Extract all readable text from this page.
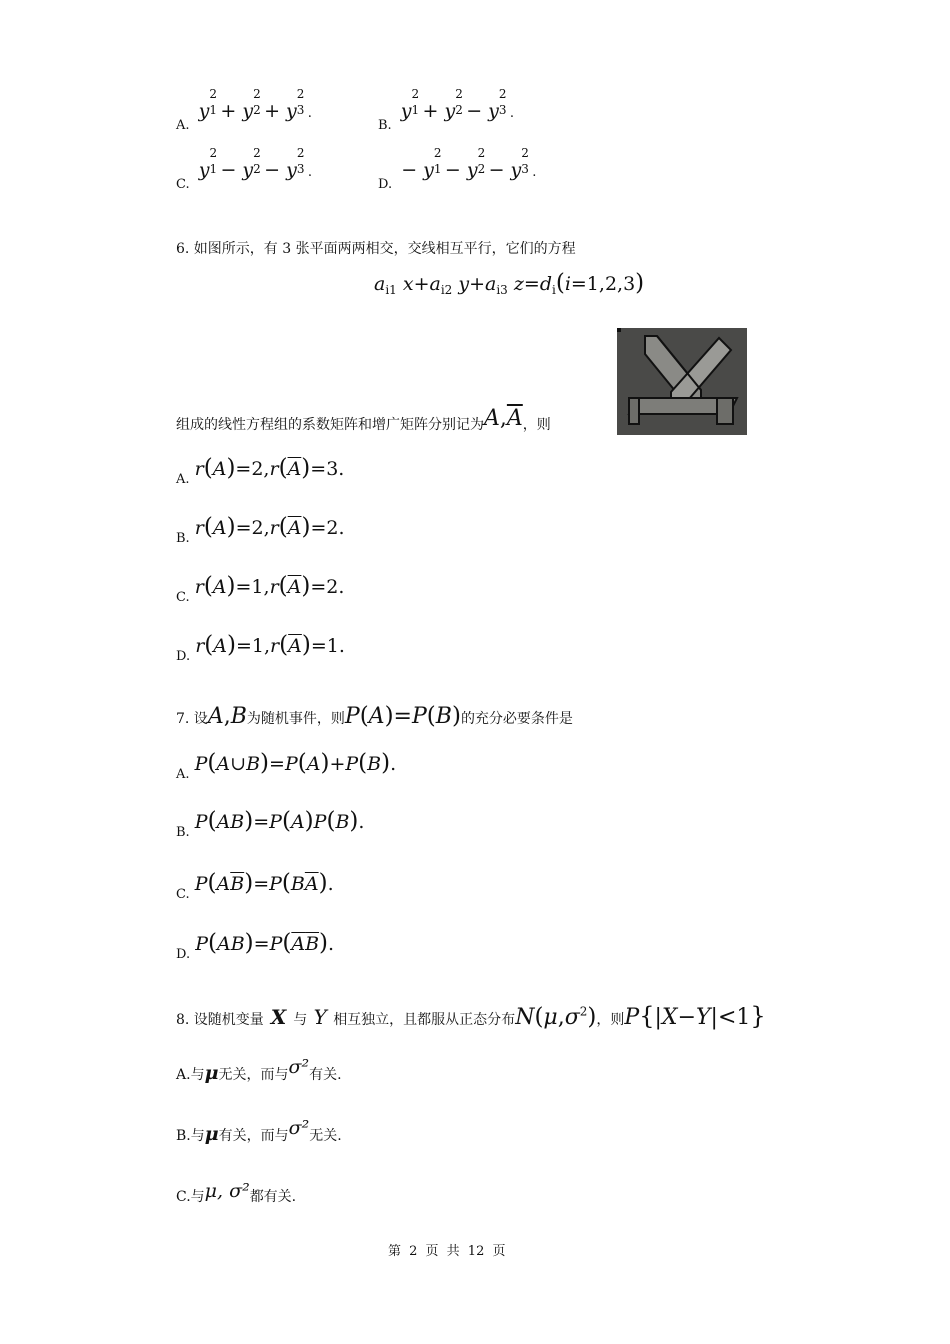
A. y
2
1 + y
2
2 + y
2
3 .
B. y
2
1 + y
2
2 − y
2
3 .
C. y
2
1 − y
2
2 − y
2
3 .
D. − y
2
1 − y
2
2 − y
2
3 .
6. 如图所示，有 3 张平面两两相交，交线相互平行，它们的方程
$a_{i1}$ $x+a_{i2}$ $y+a_{i3}$ $z=d_i(i=1,2,3)$
组成的线性方程组的系数矩阵和增广矩阵分别记为$A,\overline{A}$，则
A. $r(A)=2,r(\overline{A})=3$.
B. $r(A)=2,r(\overline{A})=2$.
C. $r(A)=1,r(\overline{A})=2$.
D. $r(A)=1,r(\overline{A})=1$.
7. 设A,B为随机事件，则P(A)=P(B)的充分必要条件是
A. P(A∪B)=P(A)+P(B).
B. P(AB)=P(A)P(B).
C. $P(A\overline{B})=P(B\overline{A})$.
D. $P(AB)=P(\overline{A}\overline{B})$.
8. 设随机变量 X 与 Y 相互独立，且都服从正态分布$N(\mu,\sigma^2)$，则P{|X−Y|<1}
A.与μ无关，而与σ²有关.
B.与μ有关，而与σ²无关.
C.与μ, σ²都有关.
第 2 页 共 12 页
